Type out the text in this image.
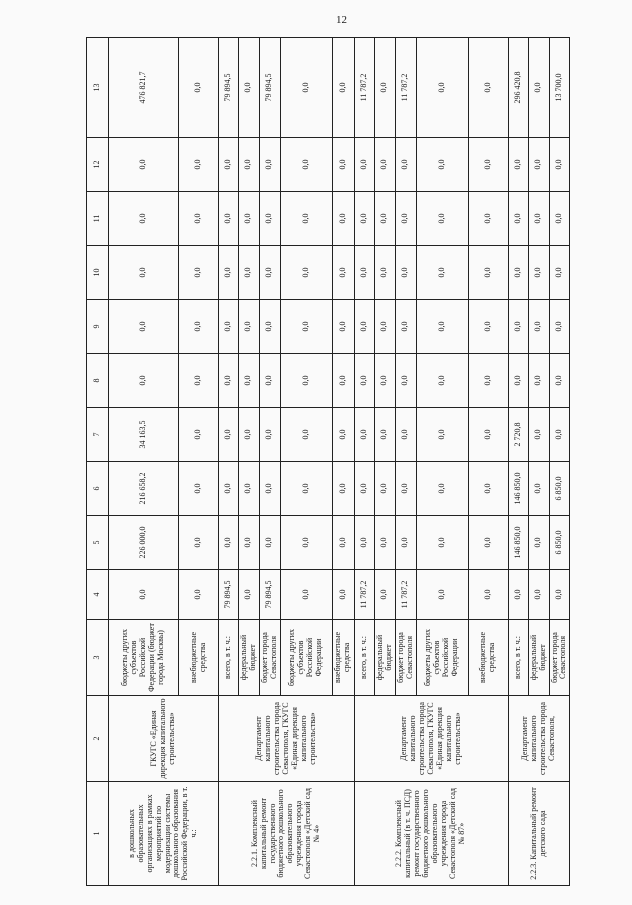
12
1	2	3	4	5	6	7	8	9	10	11	12	13
в дошкольных образовательных организациях в рамках мероприятий по модернизации системы дошкольного образования Российской Федерации, в т. ч.:	ГКУГС «Единая дирекция капитального строительства»	бюджеты других субъектов Российской Федерации (бюджет города Москвы)	0,0	226 000,0	216 658,2	34 163,5	0,0	0,0	0,0	0,0	0,0	476 821,7
		внебюджетные средства	0,0	0,0	0,0	0,0	0,0	0,0	0,0	0,0	0,0	0,0
2.2.1. Комплексный капитальный ремонт государственного бюджетного дошкольного образовательного учреждения города Севастополя «Детский сад № 4»	Департамент капитального строительства города Севастополя, ГКУГС «Единая дирекция капитального строительства»	всего, в т. ч.:	79 894,5	0,0	0,0	0,0	0,0	0,0	0,0	0,0	0,0	79 894,5
		федеральный бюджет	0,0	0,0	0,0	0,0	0,0	0,0	0,0	0,0	0,0	0,0
		бюджет города Севастополя	79 894,5	0,0	0,0	0,0	0,0	0,0	0,0	0,0	0,0	79 894,5
		бюджеты других субъектов Российской Федерации	0,0	0,0	0,0	0,0	0,0	0,0	0,0	0,0	0,0	0,0
		внебюджетные средства	0,0	0,0	0,0	0,0	0,0	0,0	0,0	0,0	0,0	0,0
2.2.2. Комплексный капитальный (в т. ч. ПСД) ремонт государственного бюджетного дошкольного образовательного учреждения города Севастополя «Детский сад № 87»	Департамент капитального строительства города Севастополя, ГКУГС «Единая дирекция капитального строительства»	всего, в т. ч.:	11 787,2	0,0	0,0	0,0	0,0	0,0	0,0	0,0	0,0	11 787,2
		федеральный бюджет	0,0	0,0	0,0	0,0	0,0	0,0	0,0	0,0	0,0	0,0
		бюджет города Севастополя	11 787,2	0,0	0,0	0,0	0,0	0,0	0,0	0,0	0,0	11 787,2
		бюджеты других субъектов Российской Федерации	0,0	0,0	0,0	0,0	0,0	0,0	0,0	0,0	0,0	0,0
		внебюджетные средства	0,0	0,0	0,0	0,0	0,0	0,0	0,0	0,0	0,0	0,0
2.2.3. Капитальный ремонт детского сада	Департамент капитального строительства города Севастополя,	всего, в т. ч.:	0,0	146 850,0	146 850,0	2 720,8	0,0	0,0	0,0	0,0	0,0	296 420,8
		федеральный бюджет	0,0	0,0	0,0	0,0	0,0	0,0	0,0	0,0	0,0	0,0
		бюджет города Севастополя	0,0	6 850,0	6 850,0	0,0	0,0	0,0	0,0	0,0	0,0	13 700,0
